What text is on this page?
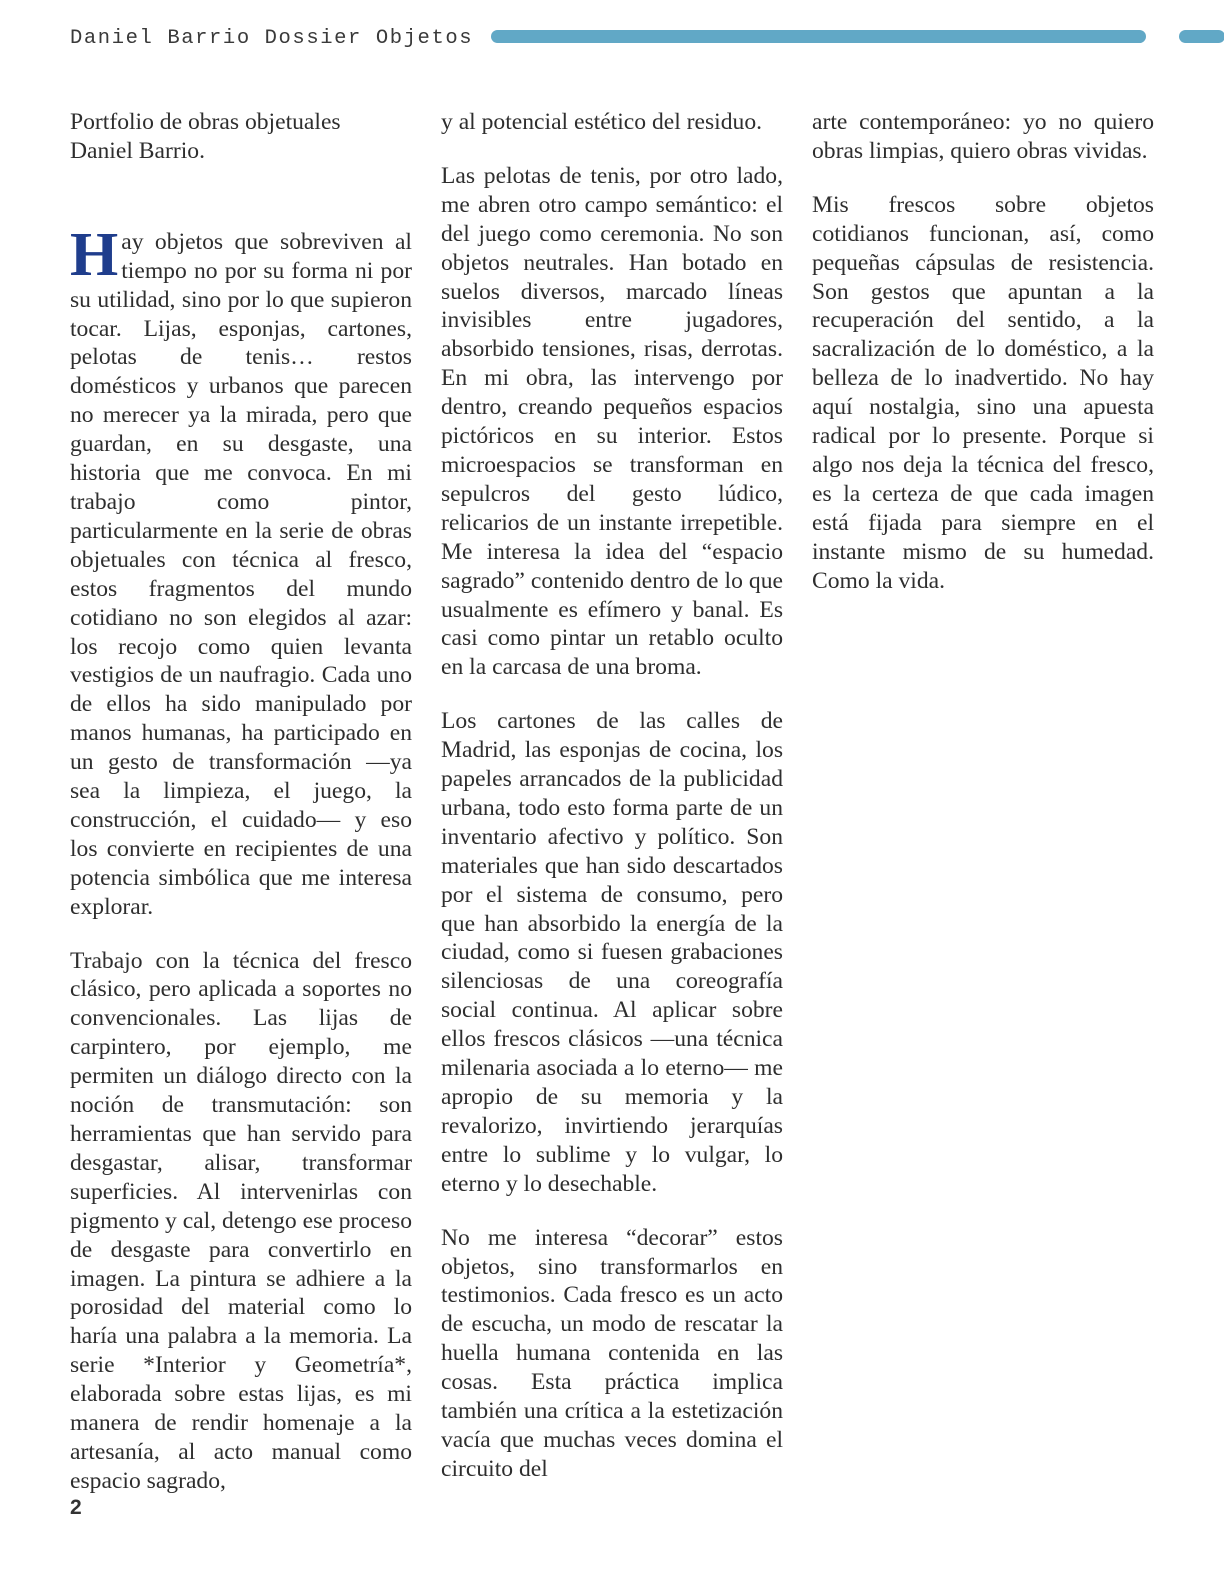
Daniel Barrio Dossier Objetos

Portfolio de obras objetuales
Daniel Barrio.

Hay objetos que sobreviven al tiempo no por su forma ni por su utilidad, sino por lo que supieron tocar. Lijas, esponjas, cartones, pelotas de tenis… restos domésticos y urbanos que parecen no merecer ya la mirada, pero que guardan, en su desgaste, una historia que me convoca. En mi trabajo como pintor, particularmente en la serie de obras objetuales con técnica al fresco, estos fragmentos del mundo cotidiano no son elegidos al azar: los recojo como quien levanta vestigios de un naufragio. Cada uno de ellos ha sido manipulado por manos humanas, ha participado en un gesto de transformación —ya sea la limpieza, el juego, la construcción, el cuidado— y eso los convierte en recipientes de una potencia simbólica que me interesa explorar.

Trabajo con la técnica del fresco clásico, pero aplicada a soportes no convencionales. Las lijas de carpintero, por ejemplo, me permiten un diálogo directo con la noción de transmutación: son herramientas que han servido para desgastar, alisar, transformar superficies. Al intervenirlas con pigmento y cal, detengo ese proceso de desgaste para convertirlo en imagen. La pintura se adhiere a la porosidad del material como lo haría una palabra a la memoria. La serie *Interior y Geometría*, elaborada sobre estas lijas, es mi manera de rendir homenaje a la artesanía, al acto manual como espacio sagrado,

y al potencial estético del residuo.

Las pelotas de tenis, por otro lado, me abren otro campo semántico: el del juego como ceremonia. No son objetos neutrales. Han botado en suelos diversos, marcado líneas invisibles entre jugadores, absorbido tensiones, risas, derrotas. En mi obra, las intervengo por dentro, creando pequeños espacios pictóricos en su interior. Estos microespacios se transforman en sepulcros del gesto lúdico, relicarios de un instante irrepetible. Me interesa la idea del “espacio sagrado” contenido dentro de lo que usualmente es efímero y banal. Es casi como pintar un retablo oculto en la carcasa de una broma.

Los cartones de las calles de Madrid, las esponjas de cocina, los papeles arrancados de la publicidad urbana, todo esto forma parte de un inventario afectivo y político. Son materiales que han sido descartados por el sistema de consumo, pero que han absorbido la energía de la ciudad, como si fuesen grabaciones silenciosas de una coreografía social continua. Al aplicar sobre ellos frescos clásicos —una técnica milenaria asociada a lo eterno— me apropio de su memoria y la revalorizo, invirtiendo jerarquías entre lo sublime y lo vulgar, lo eterno y lo desechable.

No me interesa “decorar” estos objetos, sino transformarlos en testimonios. Cada fresco es un acto de escucha, un modo de rescatar la huella humana contenida en las cosas. Esta práctica implica también una crítica a la estetización vacía que muchas veces domina el circuito del

arte contemporáneo: yo no quiero obras limpias, quiero obras vividas.

Mis frescos sobre objetos cotidianos funcionan, así, como pequeñas cápsulas de resistencia. Son gestos que apuntan a la recuperación del sentido, a la sacralización de lo doméstico, a la belleza de lo inadvertido. No hay aquí nostalgia, sino una apuesta radical por lo presente. Porque si algo nos deja la técnica del fresco, es la certeza de que cada imagen está fijada para siempre en el instante mismo de su humedad. Como la vida.

2
